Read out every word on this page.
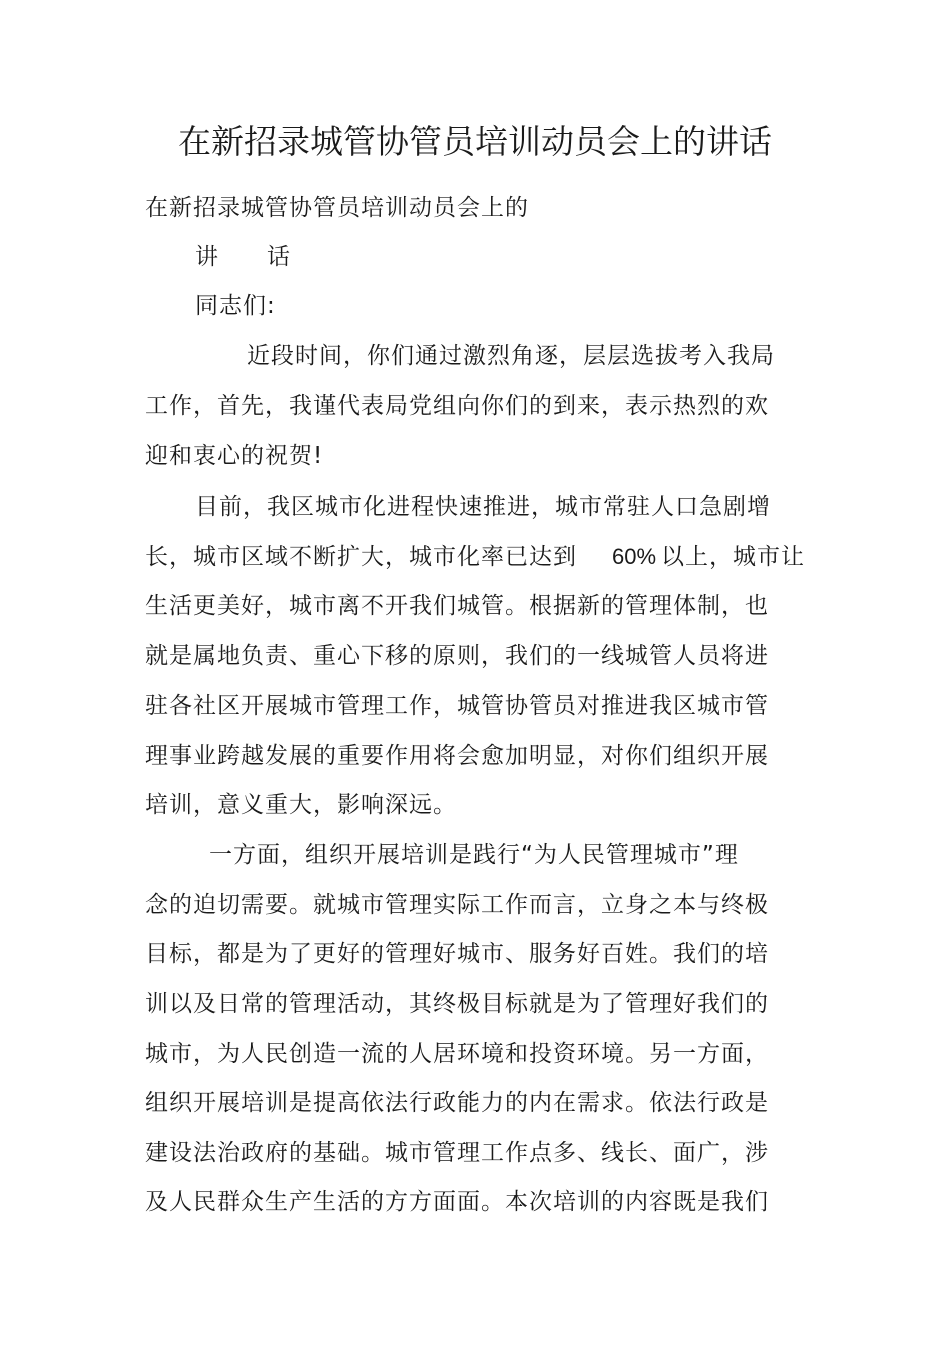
在新招录城管协管员培训动员会上的讲话
在新招录城管协管员培训动员会上的
讲 话
同志们:
近段时间，你们通过激烈角逐，层层选拔考入我局
工作，首先，我谨代表局党组向你们的到来，表示热烈的欢
迎和衷心的祝贺!
目前，我区城市化进程快速推进，城市常驻人口急剧增
长，城市区域不断扩大，城市化率已达到 60% 以上，城市让
生活更美好，城市离不开我们城管。根据新的管理体制，也
就是属地负责、重心下移的原则，我们的一线城管人员将进
驻各社区开展城市管理工作，城管协管员对推进我区城市管
理事业跨越发展的重要作用将会愈加明显，对你们组织开展
培训，意义重大，影响深远。
一方面，组织开展培训是践行“为人民管理城市”理
念的迫切需要。就城市管理实际工作而言，立身之本与终极
目标，都是为了更好的管理好城市、服务好百姓。我们的培
训以及日常的管理活动，其终极目标就是为了管理好我们的
城市，为人民创造一流的人居环境和投资环境。另一方面，
组织开展培训是提高依法行政能力的内在需求。依法行政是
建设法治政府的基础。城市管理工作点多、线长、面广，涉
及人民群众生产生活的方方面面。本次培训的内容既是我们
